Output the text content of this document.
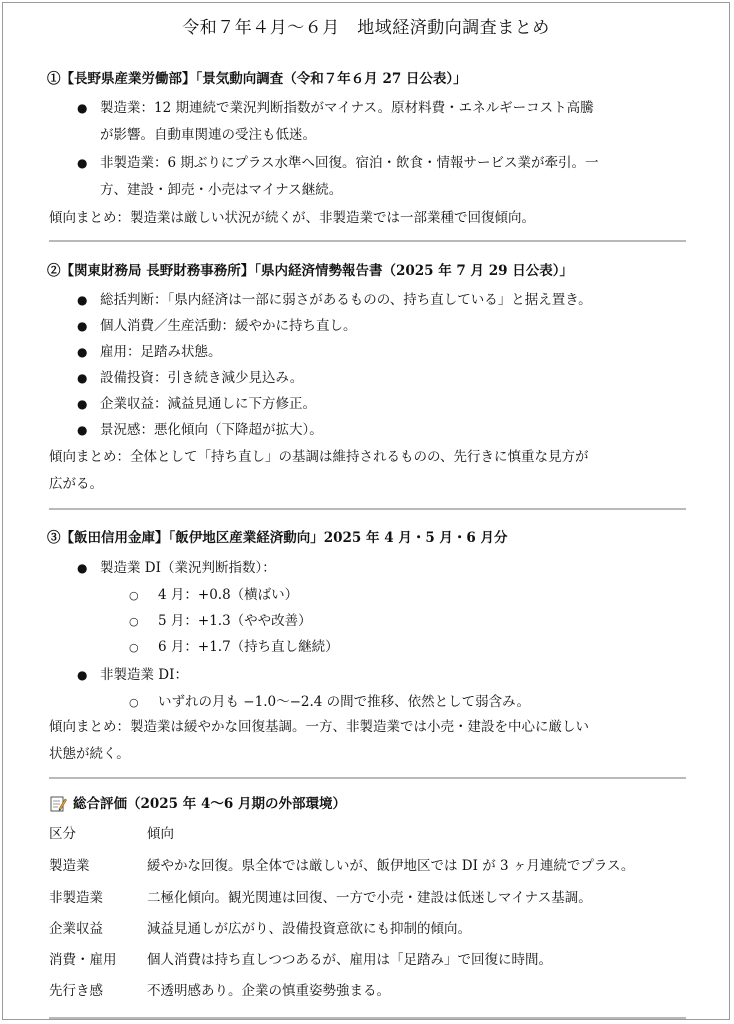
令和７年４月〜６月　地域経済動向調査まとめ
①【長野県産業労働部】「景気動向調査（令和７年６月 27 日公表）」
● 製造業：12 期連続で業況判断指数がマイナス。原材料費・エネルギーコスト高騰
が影響。自動車関連の受注も低迷。
● 非製造業：6 期ぶりにプラス水準へ回復。宿泊・飲食・情報サービス業が牽引。一
方、建設・卸売・小売はマイナス継続。
傾向まとめ：製造業は厳しい状況が続くが、非製造業では一部業種で回復傾向。
②【関東財務局 長野財務事務所】「県内経済情勢報告書（2025 年 7 月 29 日公表）」
● 総括判断：「県内経済は一部に弱さがあるものの、持ち直している」と据え置き。
● 個人消費／生産活動：緩やかに持ち直し。
● 雇用：足踏み状態。
● 設備投資：引き続き減少見込み。
● 企業収益：減益見通しに下方修正。
● 景況感：悪化傾向（下降超が拡大）。
傾向まとめ：全体として「持ち直し」の基調は維持されるものの、先行きに慎重な見方が
広がる。
③【飯田信用金庫】「飯伊地区産業経済動向」2025 年 4 月・5 月・6 月分
● 製造業 DI（業況判断指数）：
○ 4 月：+0.8（横ばい）
○ 5 月：+1.3（やや改善）
○ 6 月：+1.7（持ち直し継続）
● 非製造業 DI：
○ いずれの月も −1.0〜−2.4 の間で推移、依然として弱含み。
傾向まとめ：製造業は緩やかな回復基調。一方、非製造業では小売・建設を中心に厳しい
状態が続く。
総合評価（2025 年 4〜6 月期の外部環境）
区分	傾向
製造業	緩やかな回復。県全体では厳しいが、飯伊地区では DI が 3 ヶ月連続でプラス。
非製造業	二極化傾向。観光関連は回復、一方で小売・建設は低迷しマイナス基調。
企業収益	減益見通しが広がり、設備投資意欲にも抑制的傾向。
消費・雇用 個人消費は持ち直しつつあるが、雇用は「足踏み」で回復に時間。
先行き感	不透明感あり。企業の慎重姿勢強まる。
